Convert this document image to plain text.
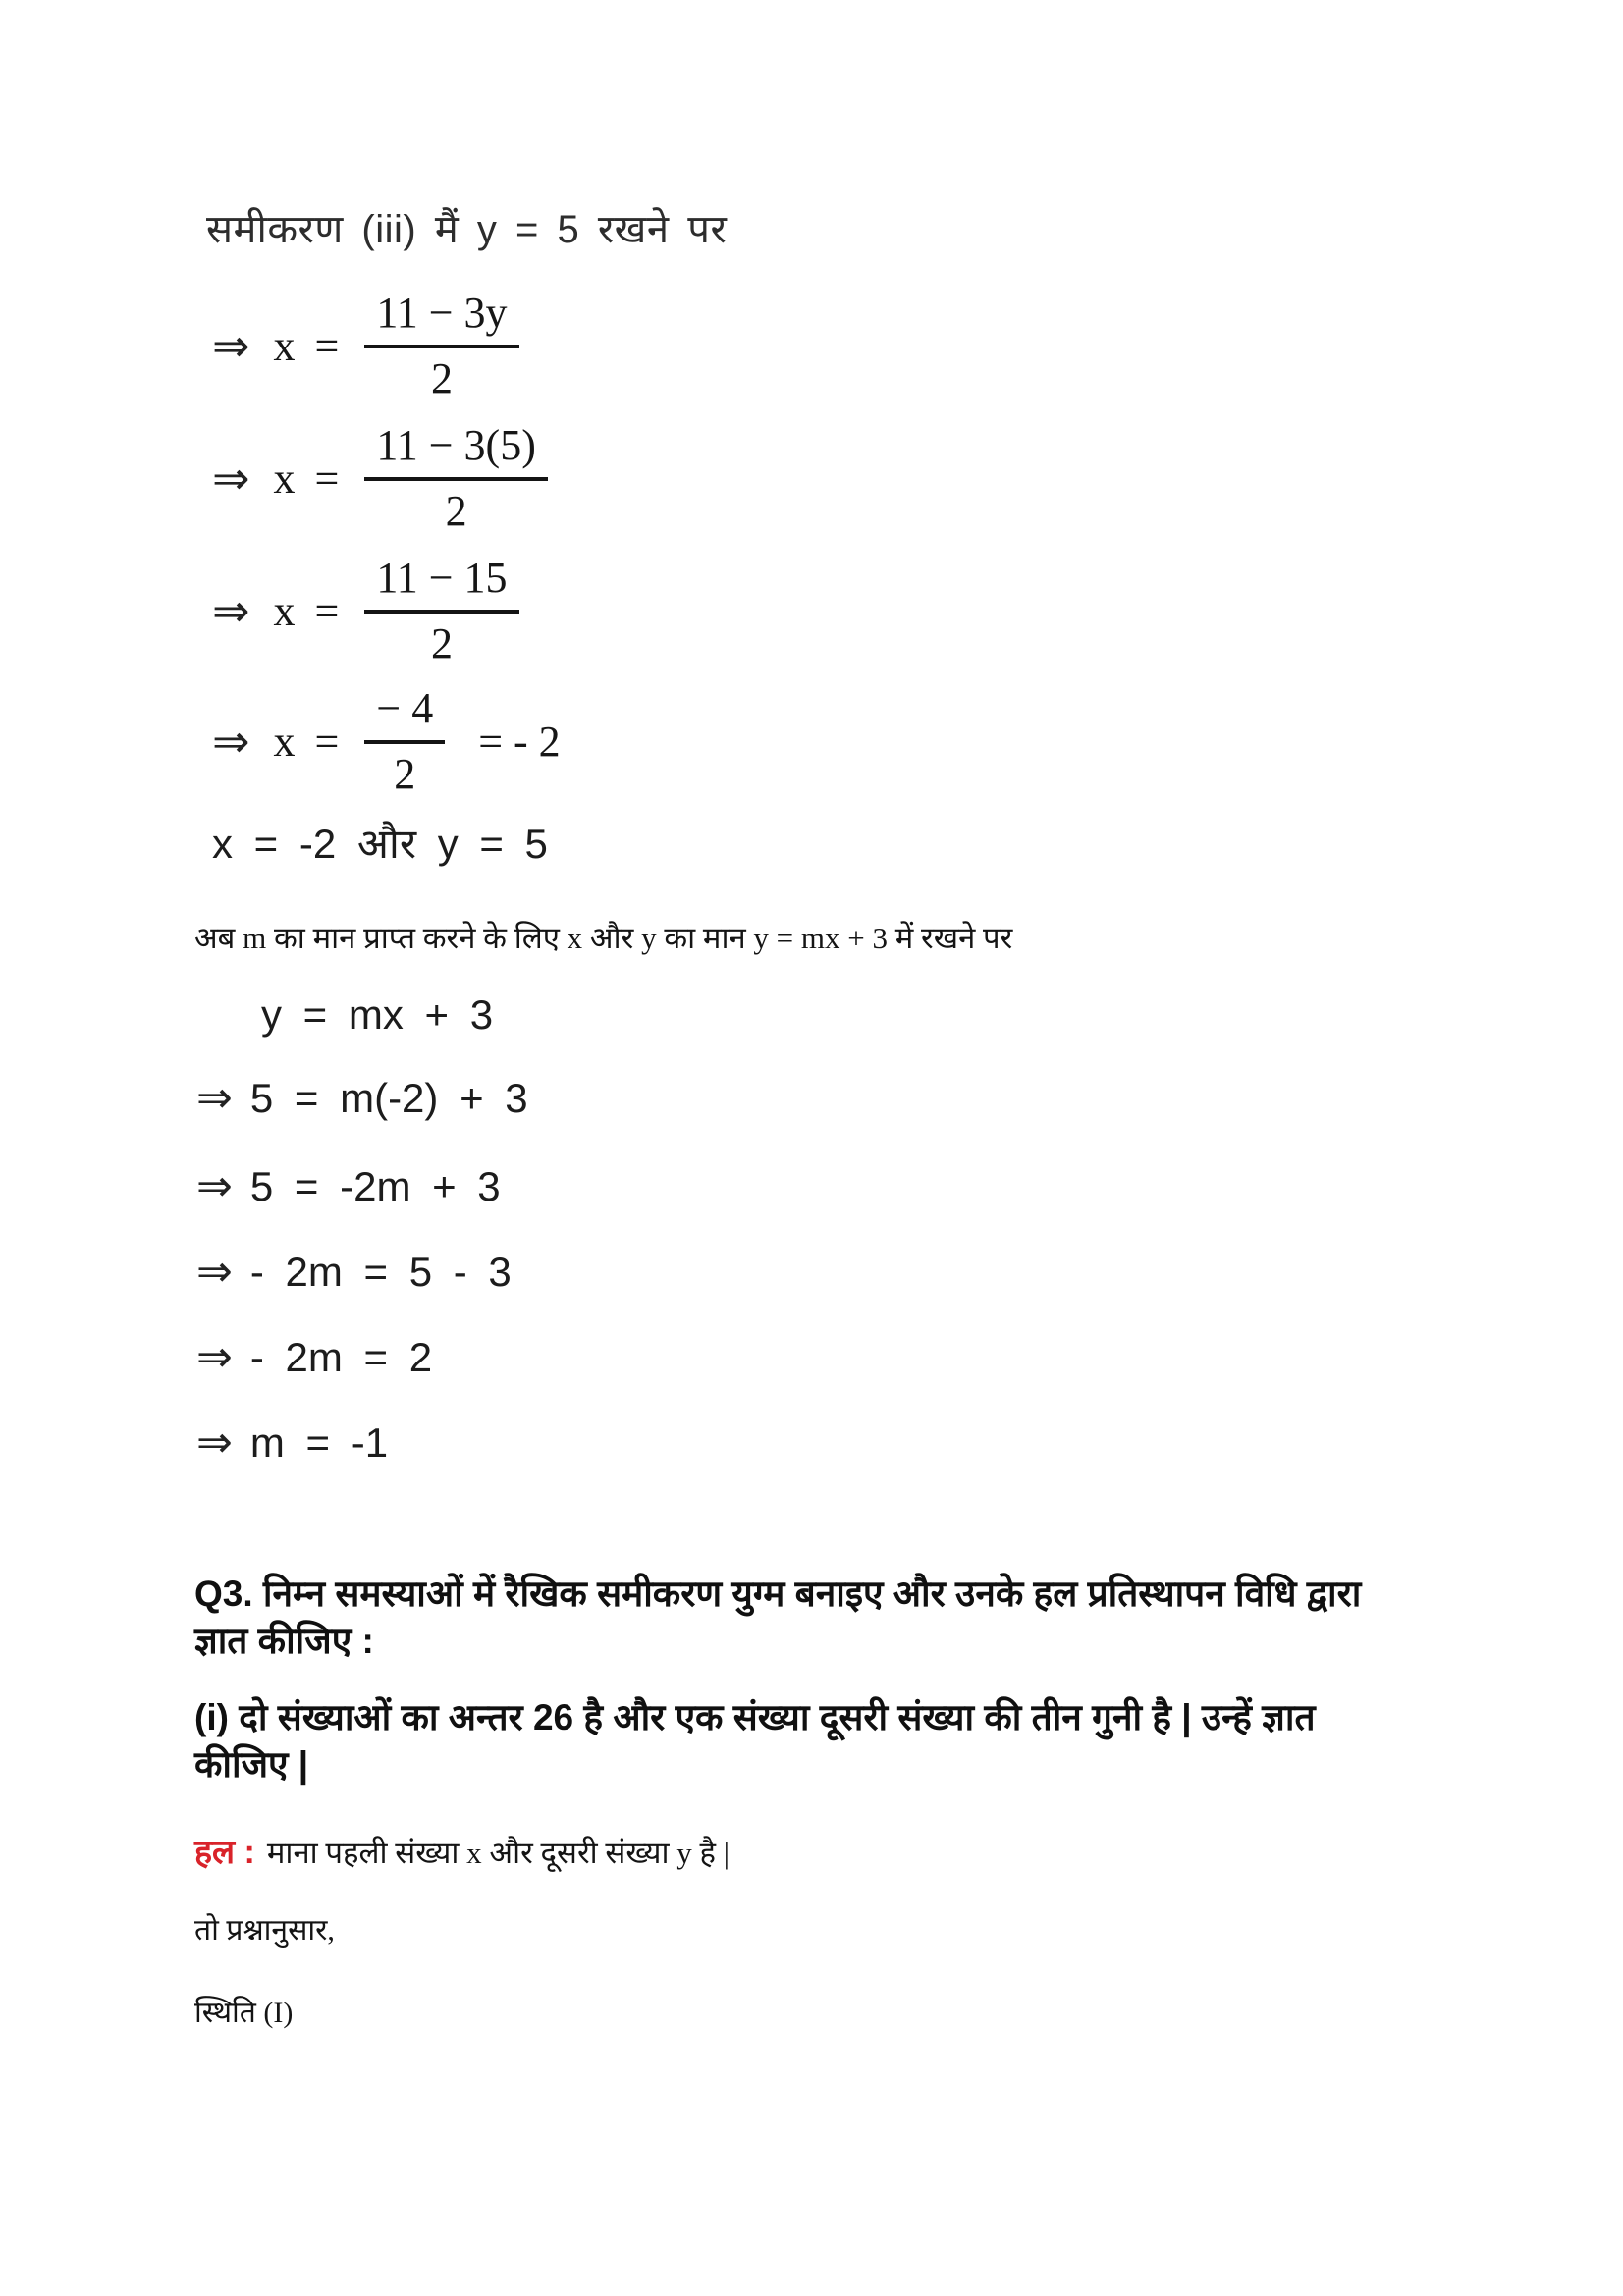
समीकरण (iii) मैं y = 5 रखने पर
⇒ $x = \frac{11 - 3y}{2}$
⇒ $x = \frac{11 - 3(5)}{2}$
⇒ $x = \frac{11 - 15}{2}$
⇒ $x = \frac{- 4}{2}$ = - 2
x = -2 और y = 5
अब m का मान प्राप्त करने के लिए x और y का मान y = mx + 3 में रखने पर
y = mx + 3
⇒ 5 = m(-2) + 3
⇒ 5 = -2m + 3
⇒ - 2m = 5 - 3
⇒ - 2m = 2
⇒ m = -1
Q3. निम्न समस्याओं में रैखिक समीकरण युग्म बनाइए और उनके हल प्रतिस्थापन विधि द्वारा ज्ञात कीजिए :
(i) दो संख्याओं का अन्तर 26 है और एक संख्या दूसरी संख्या की तीन गुनी है | उन्हें ज्ञात कीजिए |
हल : माना पहली संख्या x और दूसरी संख्या y है |
तो प्रश्नानुसार,
स्थिति (I)
